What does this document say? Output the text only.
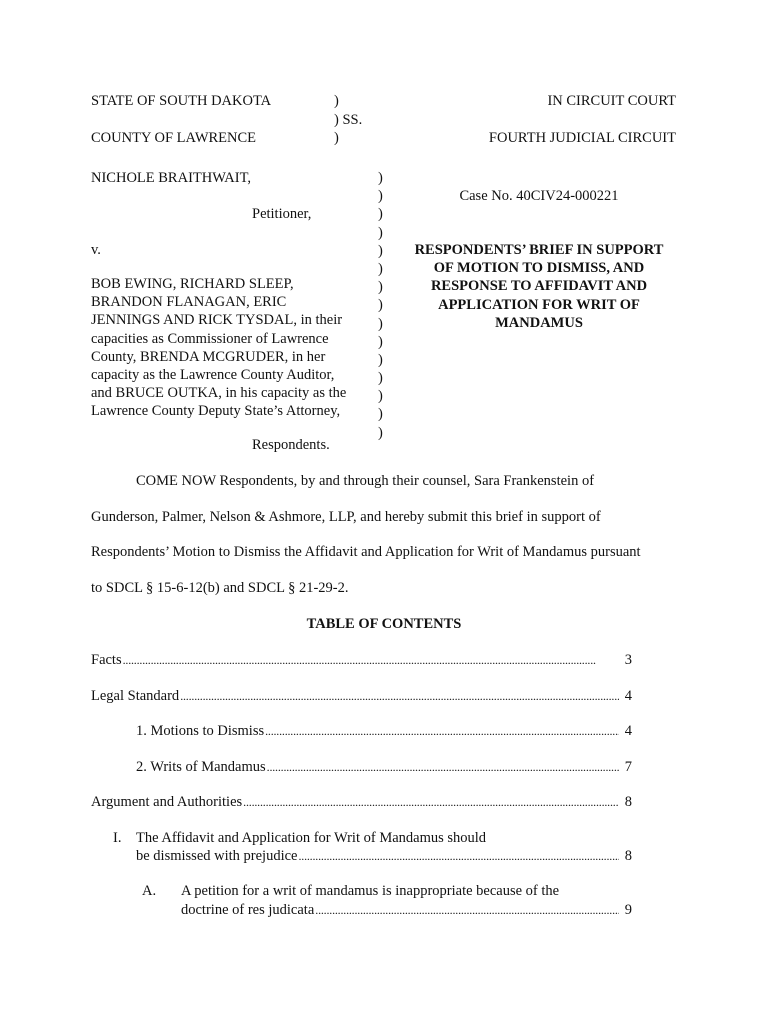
STATE OF SOUTH DAKOTA	)
) SS.
COUNTY OF LAWRENCE	)
IN CIRCUIT COURT
FOURTH JUDICIAL CIRCUIT
NICHOLE BRAITHWAIT,
Petitioner,
v.
BOB EWING, RICHARD SLEEP,
BRANDON FLANAGAN, ERIC
JENNINGS AND RICK TYSDAL, in their
capacities as Commissioner of Lawrence
County, BRENDA MCGRUDER, in her
capacity as the Lawrence County Auditor,
and BRUCE OUTKA, in his capacity as the
Lawrence County Deputy State’s Attorney,
Respondents.
)
)
)
)
)
)
)
)
)
)
)
)
)
)
)
Case No. 40CIV24-000221
RESPONDENTS’ BRIEF IN SUPPORT
OF MOTION TO DISMISS, AND
RESPONSE TO AFFIDAVIT AND
APPLICATION FOR WRIT OF
MANDAMUS
COME NOW Respondents, by and through their counsel, Sara Frankenstein of
Gunderson, Palmer, Nelson & Ashmore, LLP, and hereby submit this brief in support of
Respondents’ Motion to Dismiss the Affidavit and Application for Writ of Mandamus pursuant
to SDCL § 15-6-12(b) and SDCL § 21-29-2.
TABLE OF CONTENTS
Facts . . .	3
Legal Standard . . .	4
1. Motions to Dismiss . . .	4
2. Writs of Mandamus . . .	7
Argument and Authorities . . .	8
I. The Affidavit and Application for Writ of Mandamus should
be dismissed with prejudice . . .	8
A. A petition for a writ of mandamus is inappropriate because of the
doctrine of res judicata . . .	9
